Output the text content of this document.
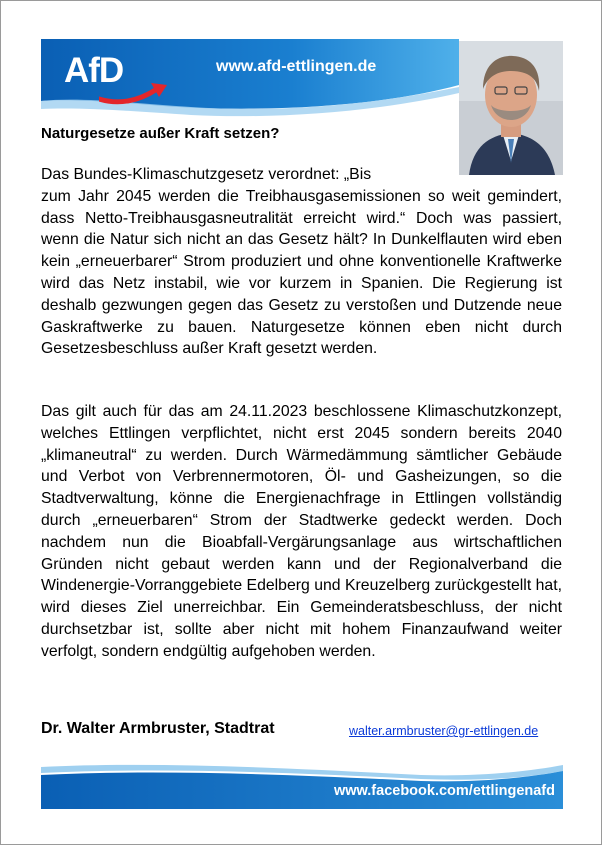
AfD	www.afd-ettlingen.de
Naturgesetze außer Kraft setzen?

Das Bundes-Klimaschutzgesetz verordnet: „Bis
zum Jahr 2045 werden die Treibhausgasemissionen so weit gemindert, dass Netto-Treibhausgasneutralität erreicht wird.“ Doch was passiert, wenn die Natur sich nicht an das Gesetz hält? In Dunkelflauten wird eben kein „erneuerbarer“ Strom produziert und ohne konventionelle Kraftwerke wird das Netz instabil, wie vor kurzem in Spanien. Die Regierung ist deshalb gezwungen gegen das Gesetz zu verstoßen und Dutzende neue Gaskraftwerke zu bauen. Naturgesetze können eben nicht durch Gesetzesbeschluss außer Kraft gesetzt werden.

Das gilt auch für das am 24.11.2023 beschlossene Klimaschutzkonzept, welches Ettlingen verpflichtet, nicht erst 2045 sondern bereits 2040 „klimaneutral“ zu werden. Durch Wärmedämmung sämtlicher Gebäude und Verbot von Verbrennermotoren, Öl- und Gasheizungen, so die Stadtverwaltung, könne die Energienachfrage in Ettlingen vollständig durch „erneuerbaren“ Strom der Stadtwerke gedeckt werden. Doch nachdem nun die Bioabfall-Vergärungsanlage aus wirtschaftlichen Gründen nicht gebaut werden kann und der Regionalverband die Windenergie-Vorranggebiete Edelberg und Kreuzelberg zurückgestellt hat, wird dieses Ziel unerreichbar. Ein Gemeinderatsbeschluss, der nicht durchsetzbar ist, sollte aber nicht mit hohem Finanzaufwand weiter verfolgt, sondern endgültig aufgehoben werden.

Dr. Walter Armbruster, Stadtrat	walter.armbruster@gr-ettlingen.de
www.facebook.com/ettlingenafd
